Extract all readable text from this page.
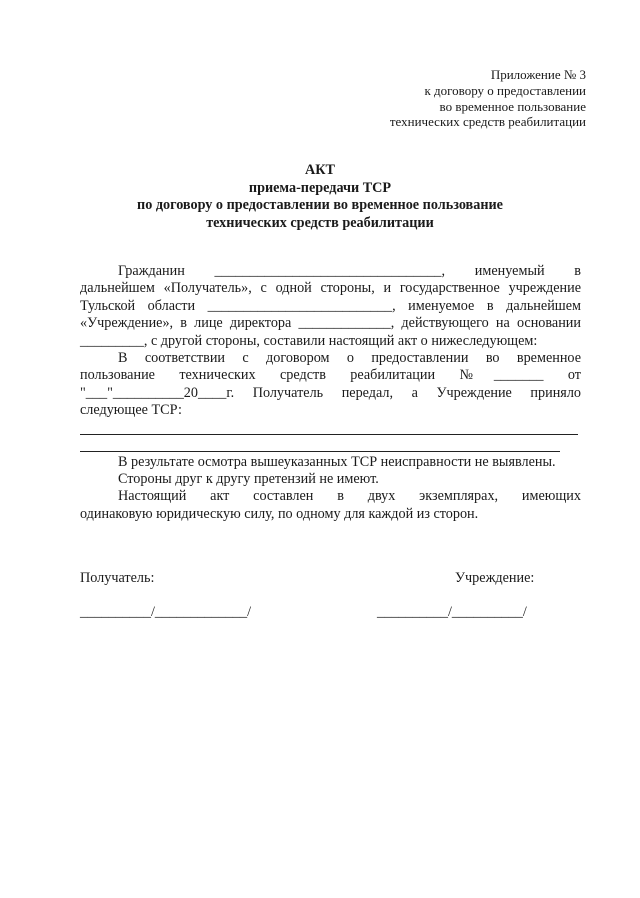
Приложение № 3
к договору о предоставлении
во временное пользование
технических средств реабилитации
АКТ
приема-передачи ТСР
по договору о предоставлении во временное пользование
технических средств реабилитации
Гражданин ________________________________, именуемый в
дальнейшем «Получатель», с одной стороны, и государственное учреждение
Тульской области __________________________, именуемое в дальнейшем
«Учреждение», в лице директора _____________, действующего на основании
_________, с другой стороны, составили настоящий акт о нижеследующем:
В соответствии с договором о предоставлении во временное
пользование технических средств реабилитации №_______ от
"___"__________20____г. Получатель передал, а Учреждение приняло
следующее ТСР:
В результате осмотра вышеуказанных ТСР неисправности не выявлены.
Стороны друг к другу претензий не имеют.
Настоящий акт составлен в двух экземплярах, имеющих
одинаковую юридическую силу, по одному для каждой из сторон.
Получатель:	Учреждение:
__________/_____________/	__________/__________/
